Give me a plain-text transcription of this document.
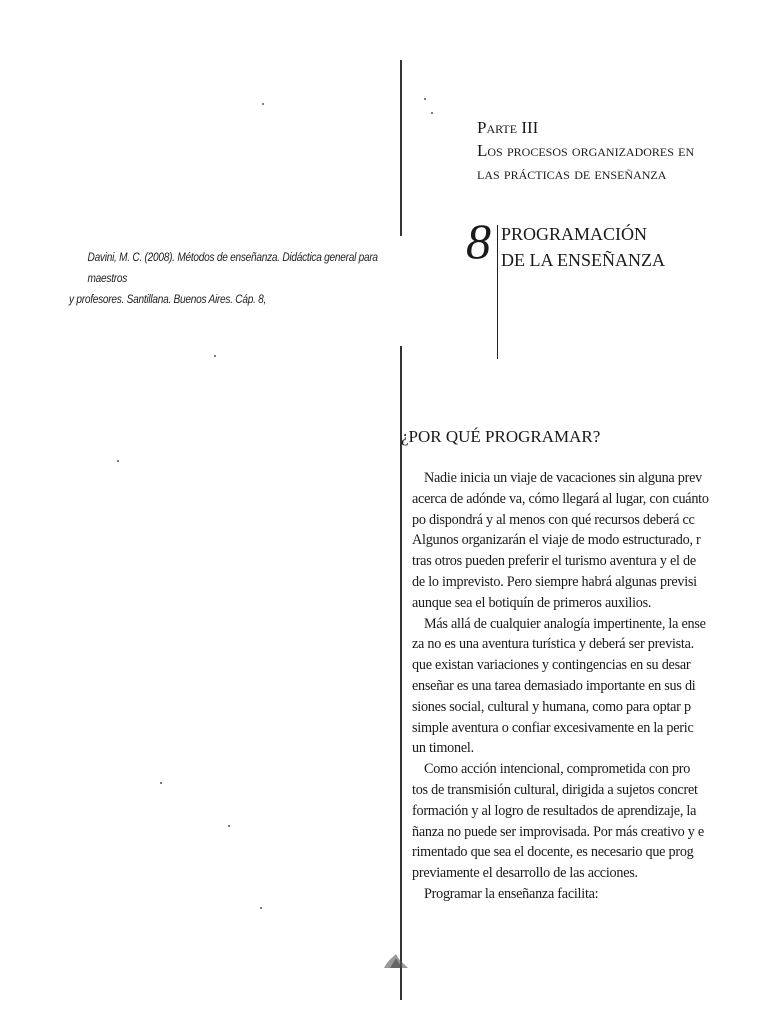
Davini, M. C. (2008). Métodos de enseñanza. Didáctica general para maestros
y profesores. Santillana. Buenos Aires. Cáp. 8,
Parte III
Los procesos organizadores en
las prácticas de enseñanza
8 PROGRAMACIÓN
DE LA ENSEÑANZA
¿POR QUÉ PROGRAMAR?
Nadie inicia un viaje de vacaciones sin alguna prev
acerca de adónde va, cómo llegará al lugar, con cuánto
po dispondrá y al menos con qué recursos deberá cc
Algunos organizarán el viaje de modo estructurado, r
tras otros pueden preferir el turismo aventura y el de
de lo imprevisto. Pero siempre habrá algunas previsi
aunque sea el botiquín de primeros auxilios.
Más allá de cualquier analogía impertinente, la ense
za no es una aventura turística y deberá ser prevista.
que existan variaciones y contingencias en su desar
enseñar es una tarea demasiado importante en sus di
siones social, cultural y humana, como para optar p
simple aventura o confiar excesivamente en la peric
un timonel.
Como acción intencional, comprometida con pro
tos de transmisión cultural, dirigida a sujetos concret
formación y al logro de resultados de aprendizaje, la
ñanza no puede ser improvisada. Por más creativo y e
rimentado que sea el docente, es necesario que prog
previamente el desarrollo de las acciones.
Programar la enseñanza facilita:
